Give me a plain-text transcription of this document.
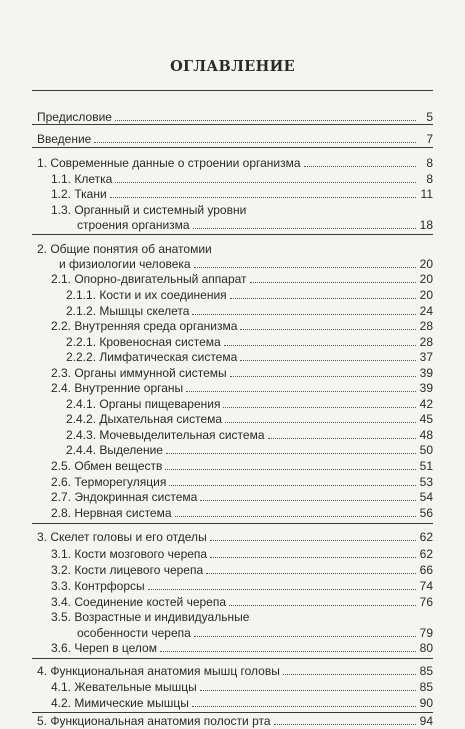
ОГЛАВЛЕНИЕ
Предисловие	5
Введение	7
1. Современные данные о строении организма	8
1.1. Клетка	8
1.2. Ткани	11
1.3. Органный и системный уровни
строения организма	18
2. Общие понятия об анатомии
и физиологии человека	20
2.1. Опорно-двигательный аппарат	20
2.1.1. Кости и их соединения	20
2.1.2. Мышцы скелета	24
2.2. Внутренняя среда организма	28
2.2.1. Кровеносная система	28
2.2.2. Лимфатическая система	37
2.3. Органы иммунной системы	39
2.4. Внутренние органы	39
2.4.1. Органы пищеварения	42
2.4.2. Дыхательная система	45
2.4.3. Мочевыделительная система	48
2.4.4. Выделение	50
2.5. Обмен веществ	51
2.6. Терморегуляция	53
2.7. Эндокринная система	54
2.8. Нервная система	56
3. Скелет головы и его отделы	62
3.1. Кости мозгового черепа	62
3.2. Кости лицевого черепа	66
3.3. Контрфорсы	74
3.4. Соединение костей черепа	76
3.5. Возрастные и индивидуальные
особенности черепа	79
3.6. Череп в целом	80
4. Функциональная анатомия мышц головы	85
4.1. Жевательные мышцы	85
4.2. Мимические мышцы	90
5. Функциональная анатомия полости рта	94
